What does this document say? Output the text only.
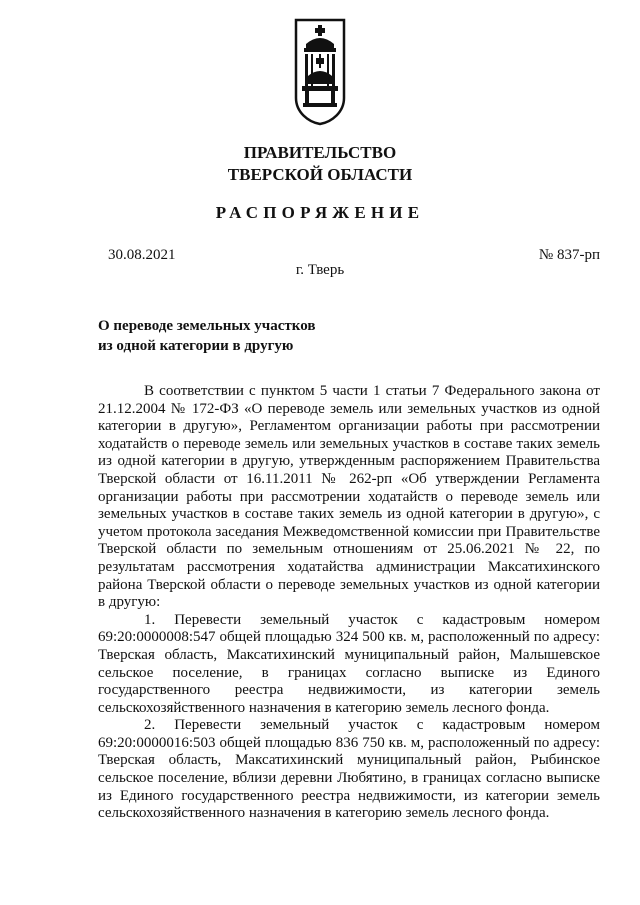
ПРАВИТЕЛЬСТВО
ТВЕРСКОЙ ОБЛАСТИ
РАСПОРЯЖЕНИЕ
30.08.2021	№ 837-рп
г. Тверь
О переводе земельных участков
из одной категории в другую

В соответствии с пунктом 5 части 1 статьи 7 Федерального закона от 21.12.2004 № 172-ФЗ «О переводе земель или земельных участков из одной категории в другую», Регламентом организации работы при рассмотрении ходатайств о переводе земель или земельных участков в составе таких земель из одной категории в другую, утвержденным распоряжением Правительства Тверской области от 16.11.2011 № 262-рп «Об утверждении Регламента организации работы при рассмотрении ходатайств о переводе земель или земельных участков в составе таких земель из одной категории в другую», с учетом протокола заседания Межведомственной комиссии при Правительстве Тверской области по земельным отношениям от 25.06.2021 № 22, по результатам рассмотрения ходатайства администрации Максатихинского района Тверской области о переводе земельных участков из одной категории в другую:

1. Перевести земельный участок с кадастровым номером 69:20:0000008:547 общей площадью 324 500 кв. м, расположенный по адресу: Тверская область, Максатихинский муниципальный район, Малышевское сельское поселение, в границах согласно выписке из Единого государственного реестра недвижимости, из категории земель сельскохозяйственного назначения в категорию земель лесного фонда.

2. Перевести земельный участок с кадастровым номером 69:20:0000016:503 общей площадью 836 750 кв. м, расположенный по адресу: Тверская область, Максатихинский муниципальный район, Рыбинское сельское поселение, вблизи деревни Любятино, в границах согласно выписке из Единого государственного реестра недвижимости, из категории земель сельскохозяйственного назначения в категорию земель лесного фонда.
